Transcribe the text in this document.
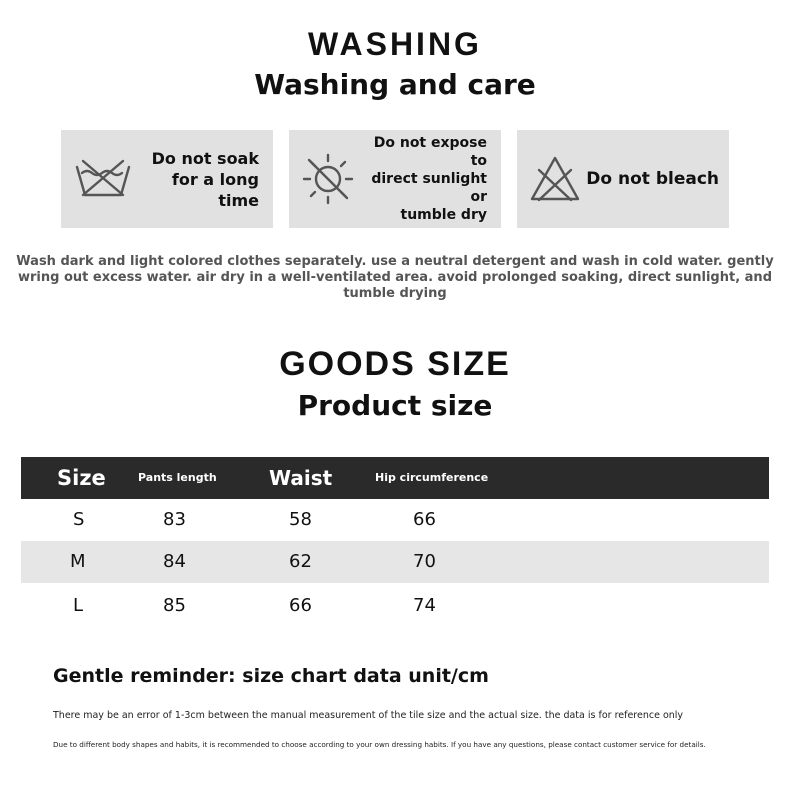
WASHING
Washing and care
Do not soak
for a long time
Do not expose to
direct sunlight or
tumble dry
Do not bleach
Wash dark and light colored clothes separately. use a neutral detergent and wash in cold water. gently wring out excess water. air dry in a well-ventilated area. avoid prolonged soaking, direct sunlight, and tumble drying
GOODS SIZE
Product size
Size	Pants length	Waist	Hip circumference
S	83	58	66
M	84	62	70
L	85	66	74
Gentle reminder: size chart data unit/cm
There may be an error of 1-3cm between the manual measurement of the tile size and the actual size. the data is for reference only
Due to different body shapes and habits, it is recommended to choose according to your own dressing habits. If you have any questions, please contact customer service for details.
